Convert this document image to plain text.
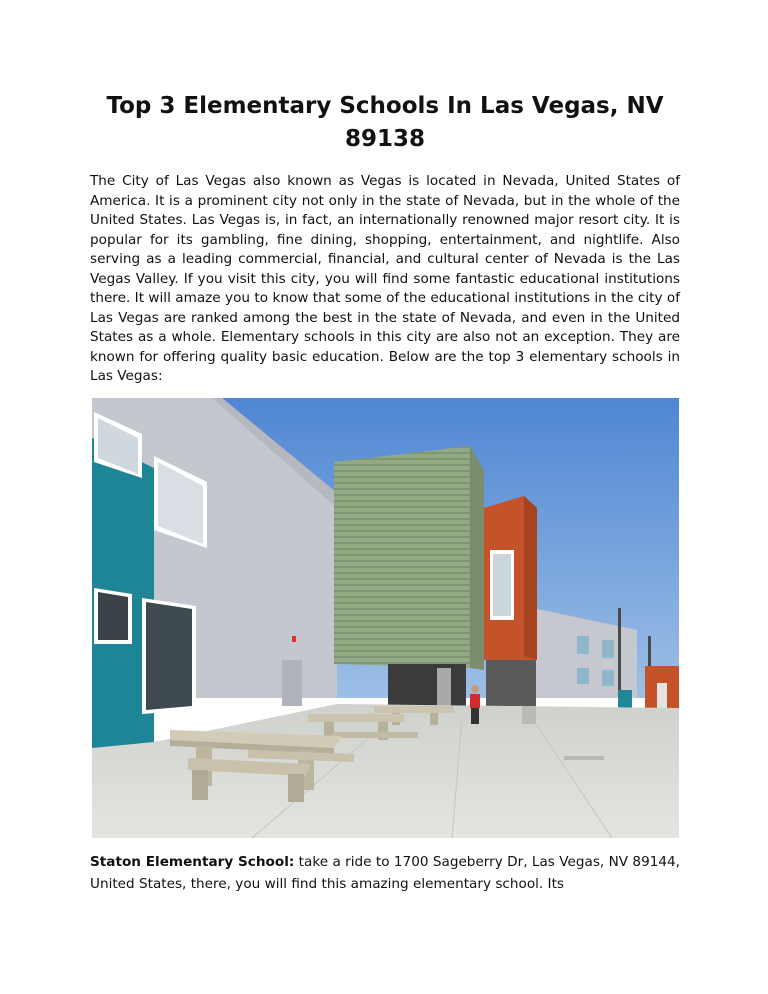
Top 3 Elementary Schools In Las Vegas, NV 89138

The City of Las Vegas also known as Vegas is located in Nevada, United States of America. It is a prominent city not only in the state of Nevada, but in the whole of the United States. Las Vegas is, in fact, an internationally renowned major resort city. It is popular for its gambling, fine dining, shopping, entertainment, and nightlife. Also serving as a leading commercial, financial, and cultural center of Nevada is the Las Vegas Valley. If you visit this city, you will find some fantastic educational institutions there. It will amaze you to know that some of the educational institutions in the city of Las Vegas are ranked among the best in the state of Nevada, and even in the United States as a whole. Elementary schools in this city are also not an exception. They are known for offering quality basic education. Below are the top 3 elementary schools in Las Vegas:

Staton Elementary School: take a ride to 1700 Sageberry Dr, Las Vegas, NV 89144, United States, there, you will find this amazing elementary school. Its
